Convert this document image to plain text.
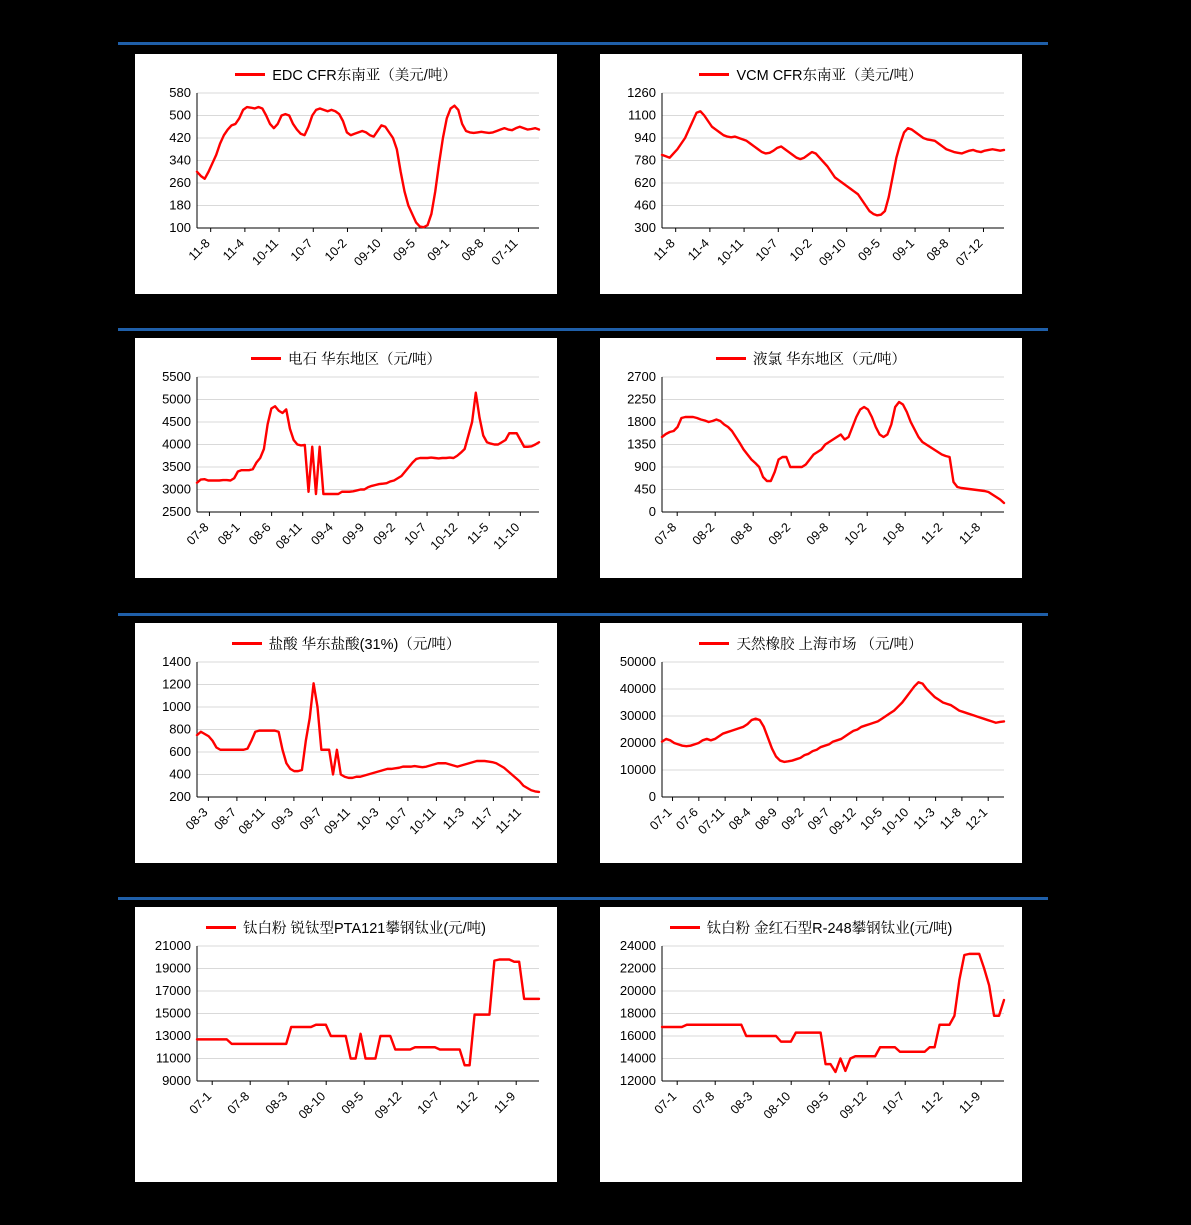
EDC CFR东南亚（美元/吨）
100
180
260
340
420
500
580
11-8 11-4 10-11 10-7 10-2 09-10 09-5 09-1 08-8 07-11
VCM CFR东南亚（美元/吨）
300
460
620
780
940
1100
1260
11-8 11-4 10-11 10-7 10-2 09-10 09-5 09-1 08-8 07-12
电石 华东地区（元/吨）
2500
3000
3500
4000
4500
5000
5500
07-8 08-1 08-6 08-11 09-4 09-9 09-2 10-7
10-12 11-5 11-10
液氯 华东地区（元/吨）
0
450
900
1350
1800
2250
2700
07-8 08-2 08-8 09-2 09-8 10-2 10-8 11-2 11-8
盐酸 华东盐酸(31%)（元/吨）
200
400
600
800
1000
1200
1400
08-3 08-7
08-11 09-3 09-7
09-11 10-3 10-7
10-11 11-3 11-7
11-11
天然橡胶 上海市场 （元/吨）
0
10000
20000
30000
40000
50000
07-1
07-6
07-11
08-4
08-9
09-2
09-7
09-12
10-5
10-10 11-3 11-8
12-1
钛白粉 锐钛型PTA121攀钢钛业(元/吨)
9000
11000
13000
15000
17000
19000
21000
07-1 07-8 08-3 08-10 09-5 09-12 10-7 11-2 11-9
钛白粉 金红石型R-248攀钢钛业(元/吨)
12000
14000
16000
18000
20000
22000
24000
07-1 07-8 08-3 08-10 09-5 09-12 10-7 11-2 11-9
